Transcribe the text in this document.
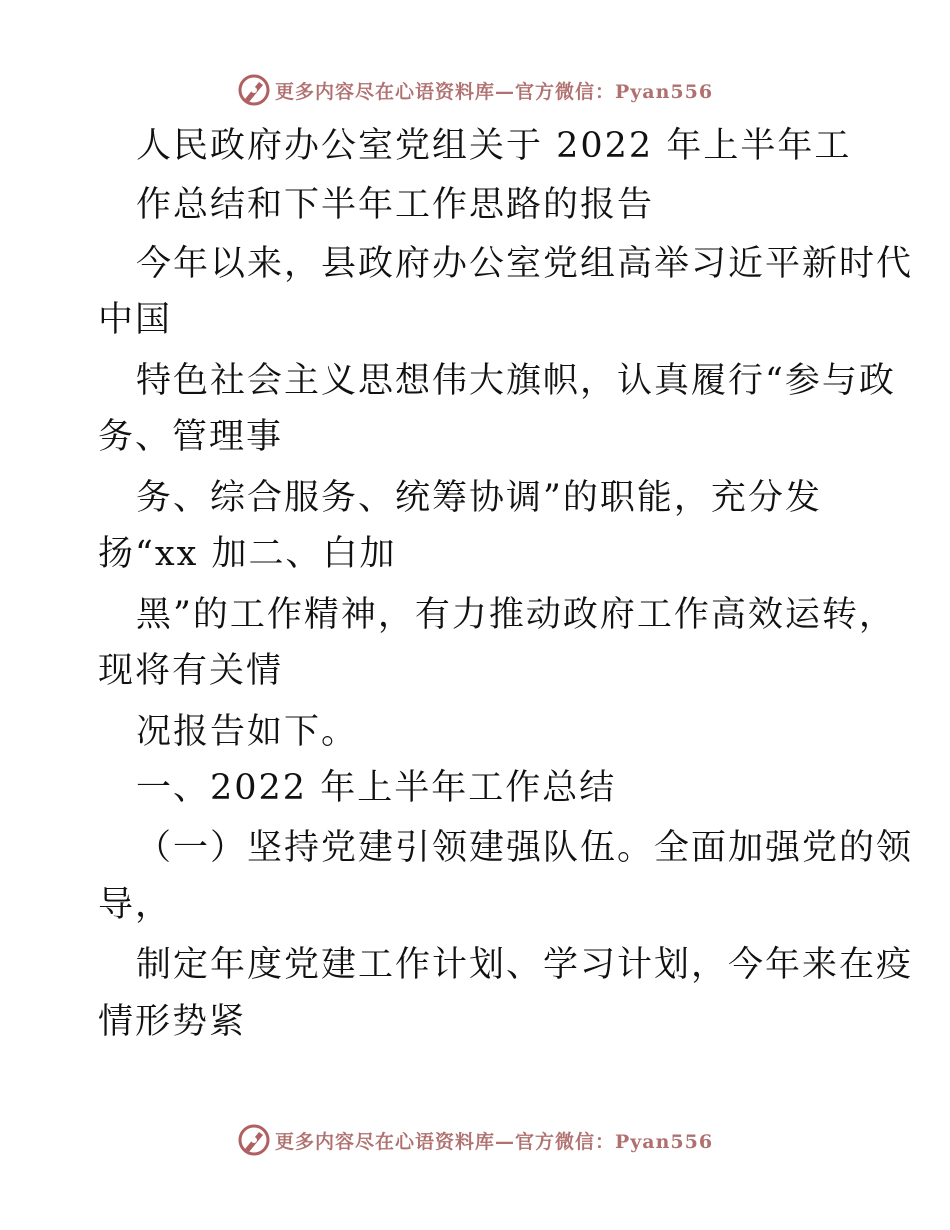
更多内容尽在心语资料库—官方微信：Pyan556
人民政府办公室党组关于 2022 年上半年工
作总结和下半年工作思路的报告
今年以来，县政府办公室党组高举习近平新时代
中国
特色社会主义思想伟大旗帜，认真履行“参与政
务、管理事
务、综合服务、统筹协调”的职能，充分发
扬“xx 加二、白加
黑”的工作精神，有力推动政府工作高效运转，
现将有关情
况报告如下。
一、2022 年上半年工作总结
（一）坚持党建引领建强队伍。全面加强党的领
导，
制定年度党建工作计划、学习计划，今年来在疫
情形势紧
更多内容尽在心语资料库—官方微信：Pyan556
